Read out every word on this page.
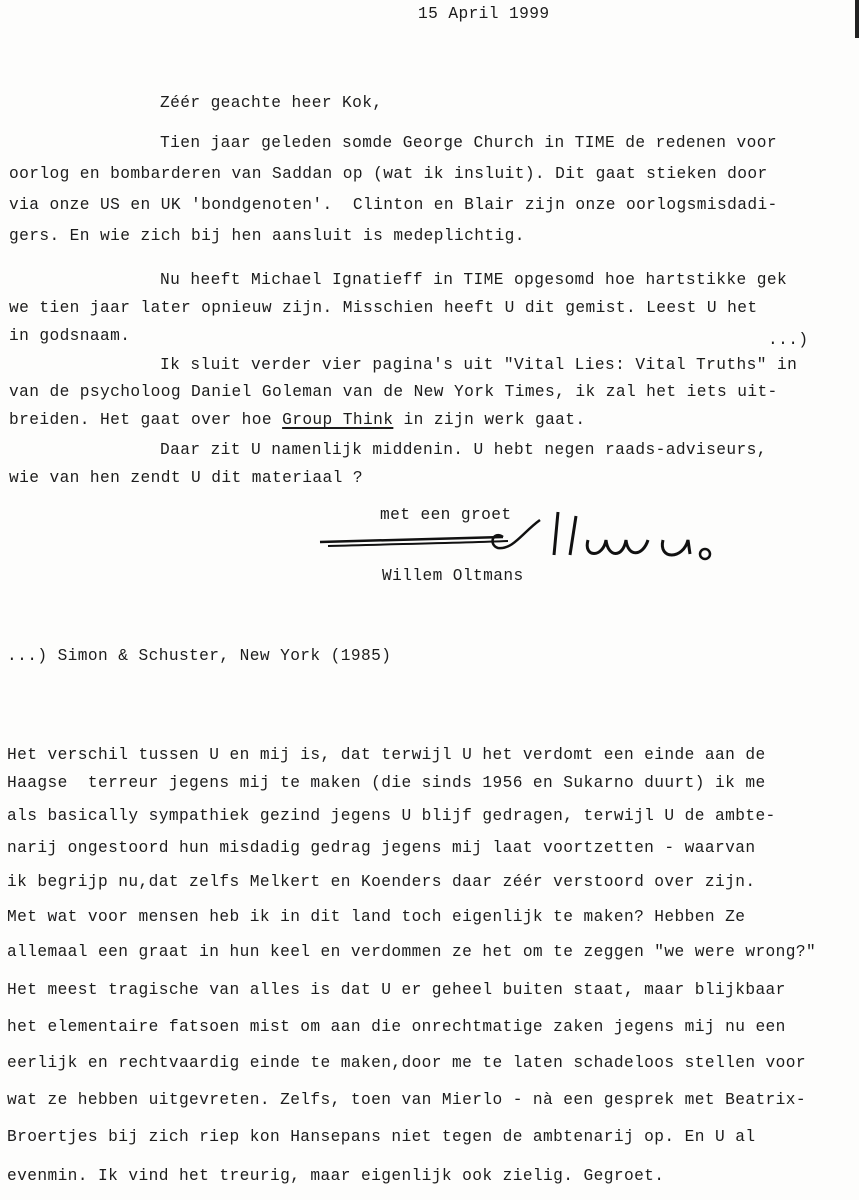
15 April 1999
Zéér geachte heer Kok,
Tien jaar geleden somde George Church in TIME de redenen voor
oorlog en bombarderen van Saddan op (wat ik insluit). Dit gaat stieken door
via onze US en UK 'bondgenoten'.  Clinton en Blair zijn onze oorlogsmisdadi-
gers. En wie zich bij hen aansluit is medeplichtig.
Nu heeft Michael Ignatieff in TIME opgesomd hoe hartstikke gek
we tien jaar later opnieuw zijn. Misschien heeft U dit gemist. Leest U het
in godsnaam.	...)
Ik sluit verder vier pagina's uit "Vital Lies: Vital Truths" in
van de psycholoog Daniel Goleman van de New York Times, ik zal het iets uit-
breiden. Het gaat over hoe Group Think in zijn werk gaat.
Daar zit U namenlijk middenin. U hebt negen raads-adviseurs,
wie van hen zendt U dit materiaal ?
met een groet
Willem Oltmans
...) Simon & Schuster, New York (1985)
Het verschil tussen U en mij is, dat terwijl U het verdomt een einde aan de
Haagse  terreur jegens mij te maken (die sinds 1956 en Sukarno duurt) ik me
als basically sympathiek gezind jegens U blijf gedragen, terwijl U de ambte-
narij ongestoord hun misdadig gedrag jegens mij laat voortzetten - waarvan
ik begrijp nu,dat zelfs Melkert en Koenders daar zéér verstoord over zijn.
Met wat voor mensen heb ik in dit land toch eigenlijk te maken? Hebben Ze
allemaal een graat in hun keel en verdommen ze het om te zeggen "we were wrong?"
Het meest tragische van alles is dat U er geheel buiten staat, maar blijkbaar
het elementaire fatsoen mist om aan die onrechtmatige zaken jegens mij nu een
eerlijk en rechtvaardig einde te maken,door me te laten schadeloos stellen voor
wat ze hebben uitgevreten. Zelfs, toen van Mierlo - nà een gesprek met Beatrix-
Broertjes bij zich riep kon Hansepans niet tegen de ambtenarij op. En U al
evenmin. Ik vind het treurig, maar eigenlijk ook zielig. Gegroet.
